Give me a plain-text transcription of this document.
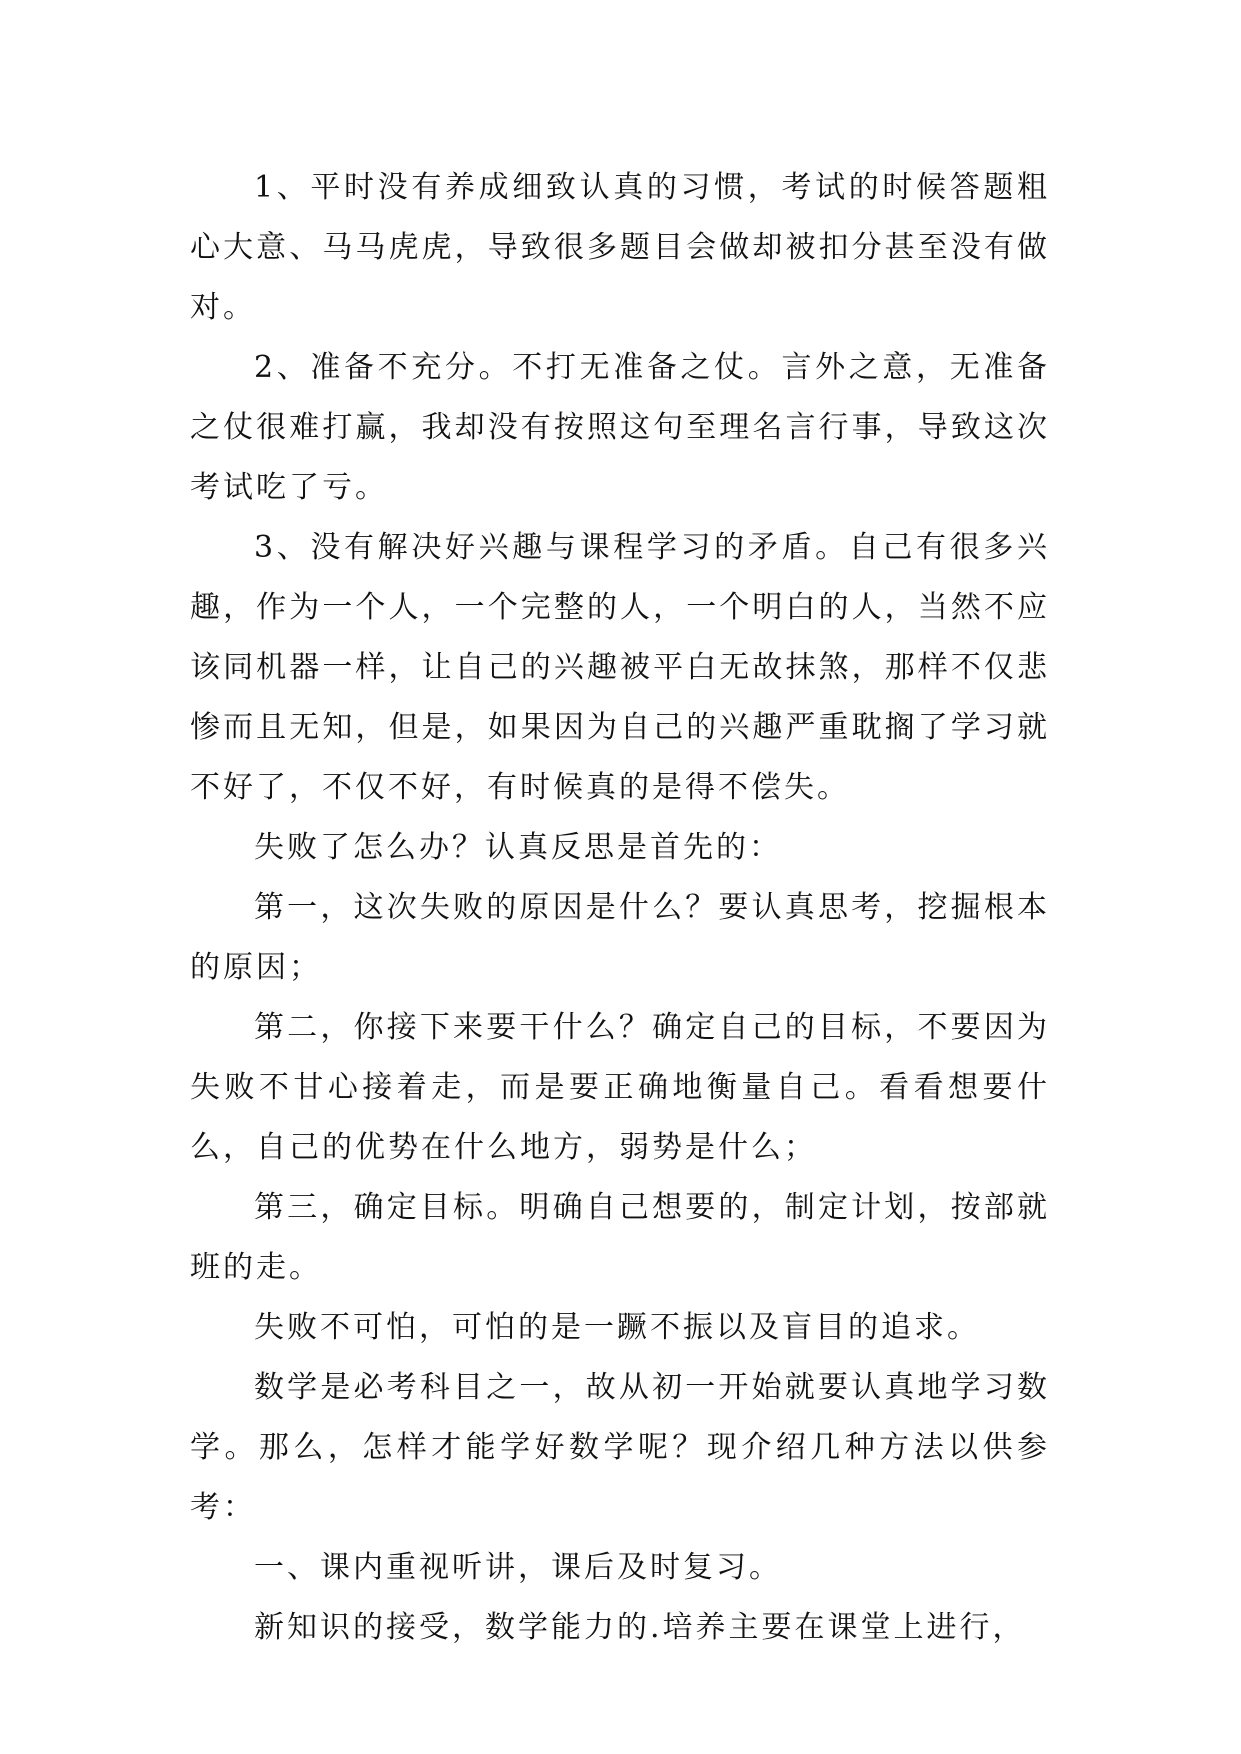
1、平时没有养成细致认真的习惯，考试的时候答题粗心大意、马马虎虎，导致很多题目会做却被扣分甚至没有做对。

2、准备不充分。不打无准备之仗。言外之意，无准备之仗很难打赢，我却没有按照这句至理名言行事，导致这次考试吃了亏。

3、没有解决好兴趣与课程学习的矛盾。自己有很多兴趣，作为一个人，一个完整的人，一个明白的人，当然不应该同机器一样，让自己的兴趣被平白无故抹煞，那样不仅悲惨而且无知，但是，如果因为自己的兴趣严重耽搁了学习就不好了，不仅不好，有时候真的是得不偿失。

失败了怎么办？认真反思是首先的：

第一，这次失败的原因是什么？要认真思考，挖掘根本的原因；

第二，你接下来要干什么？确定自己的目标，不要因为失败不甘心接着走，而是要正确地衡量自己。看看想要什么，自己的优势在什么地方，弱势是什么；

第三，确定目标。明确自己想要的，制定计划，按部就班的走。

失败不可怕，可怕的是一蹶不振以及盲目的追求。

数学是必考科目之一，故从初一开始就要认真地学习数学。那么，怎样才能学好数学呢？现介绍几种方法以供参考：

一、课内重视听讲，课后及时复习。

新知识的接受，数学能力的.培养主要在课堂上进行，
